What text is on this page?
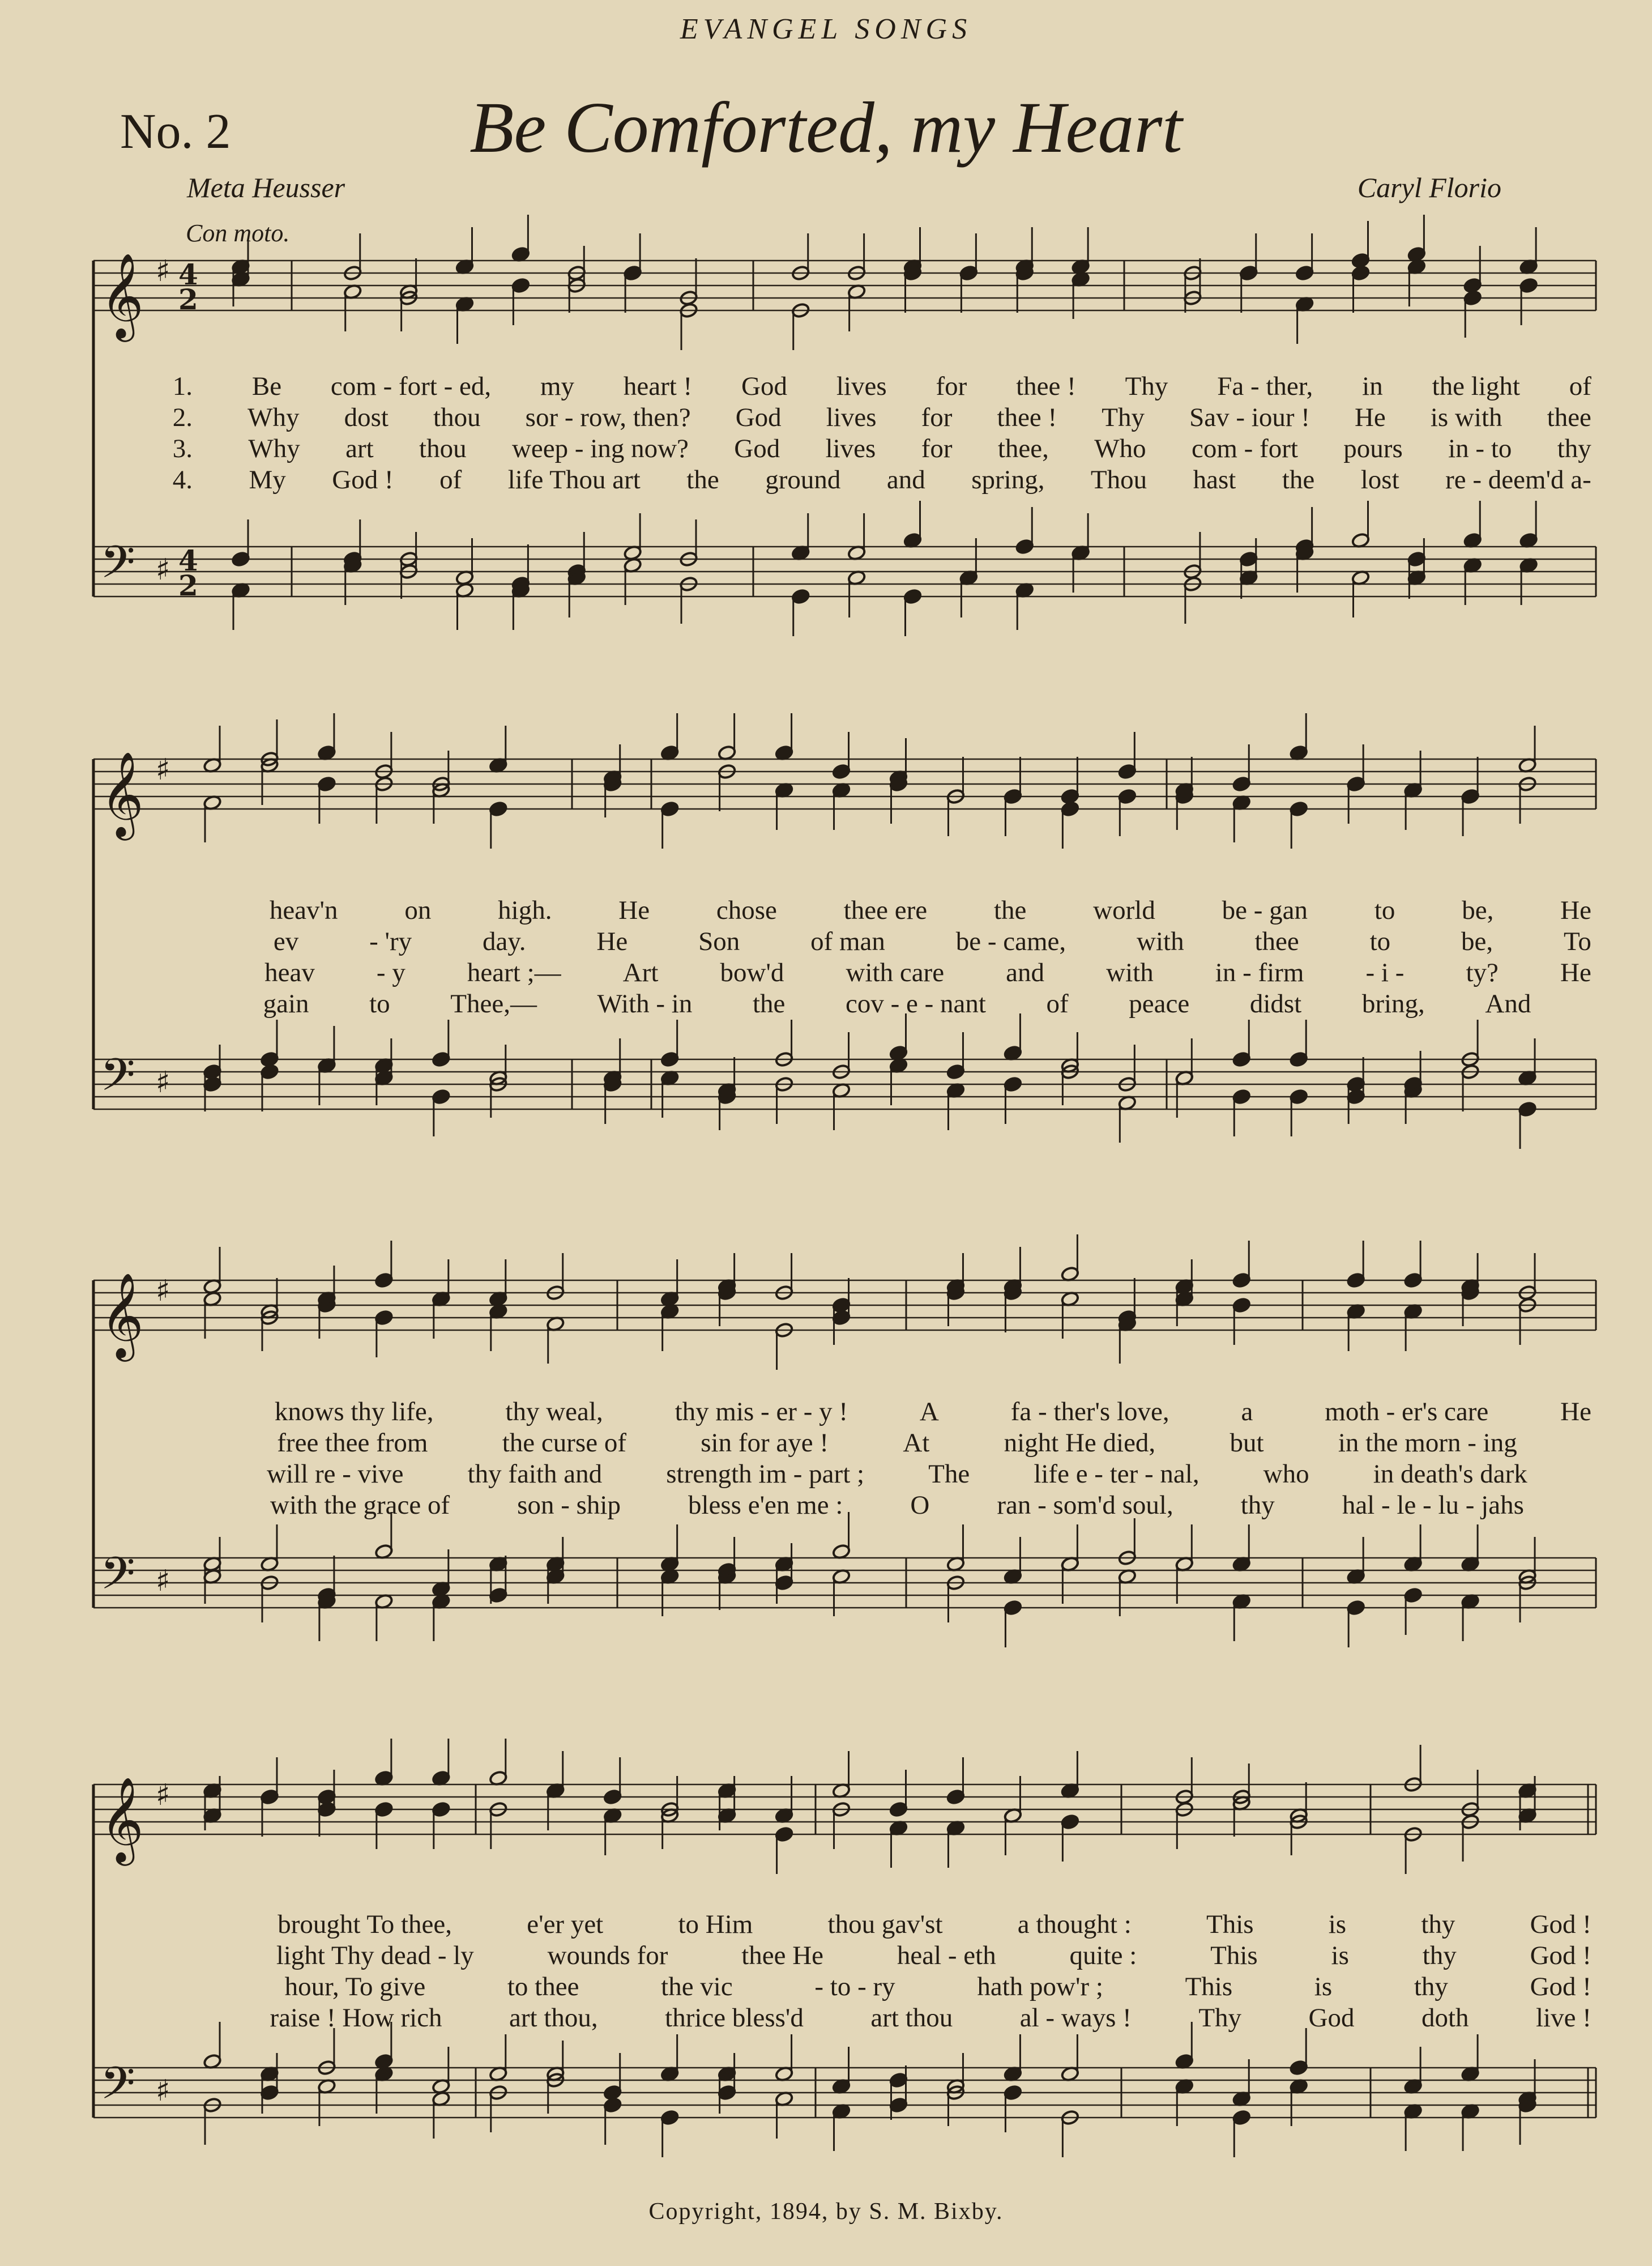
EVANGEL SONGS
No. 2	Be Comforted, my Heart
Meta Heusser	Caryl Florio
Con moto.
𝄞 ♯ 4
2
𝄢 ♯ 4
2
1.	Be com - fort - ed, my heart ! God lives for thee ! Thy Fa - ther, in the light of
2.	Why dost thou sor - row, then? God lives for thee ! Thy Sav - iour ! He is with thee
3.	Why art thou weep - ing now? God lives for thee, Who com - fort pours in - to thy
4.	My God ! of life Thou art the ground and spring, Thou hast the lost re - deem'd a-
𝄞 ♯
𝄢 ♯
heav'n	on	high.	He	chose	thee ere	the	world	be - gan	to	be,	He
ev	- 'ry	day.	He	Son	of man	be - came,	with	thee	to	be,	To
heav - y heart ;— Art bow'd with care and with in - firm - i - ty? He
gain to Thee,— With - in the cov - e - nant of peace didst bring, And
𝄞 ♯
𝄢 ♯
knows thy life,	thy weal,	thy mis - er - y !	A	fa - ther's love,	a	moth - er's care	He
free thee from	the curse of	sin for aye !	At	night He died,	but	in the morn - ing
will re - vive thy faith and strength im - part ; The life e - ter - nal, who in death's dark
with the grace of	son - ship	bless e'en me :	O	ran - som'd soul,	thy	hal - le - lu - jahs
𝄞 ♯
𝄢 ♯
brought To thee,	e'er yet	to Him	thou gav'st	a thought :	This	is	thy	God !
light Thy dead - ly	wounds for	thee He	heal - eth	quite :	This	is	thy	God !
hour, To give	to thee	the vic	- to - ry	hath pow'r ;	This	is	thy	God !
raise ! How rich	art thou,	thrice bless'd	art thou	al - ways !	Thy	God	doth	live !
Copyright, 1894, by S. M. Bixby.
